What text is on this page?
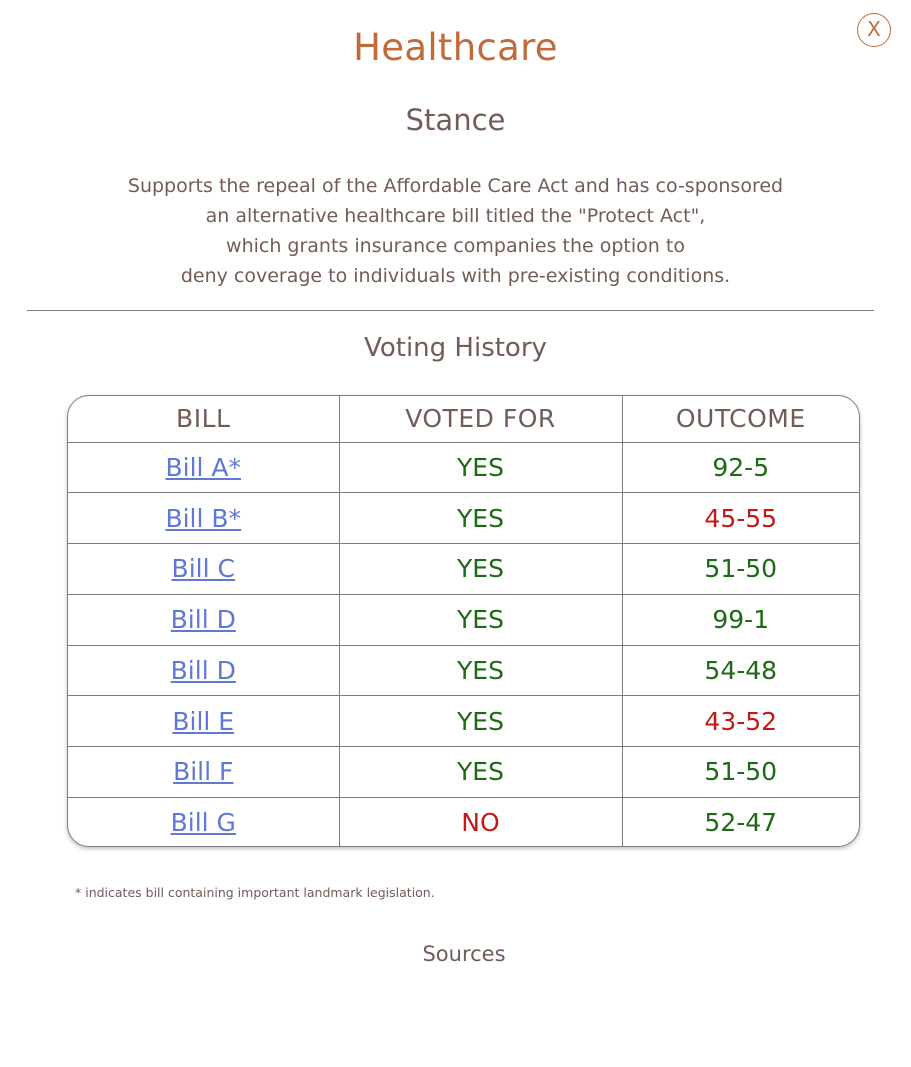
X
Healthcare
Stance
Supports the repeal of the Affordable Care Act and has co-sponsored
an alternative healthcare bill titled the "Protect Act",
which grants insurance companies the option to
deny coverage to individuals with pre-existing conditions.
Voting History
BILL	VOTED FOR	OUTCOME
Bill A*	YES	92-5
Bill B*	YES	45-55
Bill C	YES	51-50
Bill D	YES	99-1
Bill D	YES	54-48
Bill E	YES	43-52
Bill F	YES	51-50
Bill G	NO	52-47
* indicates bill containing important landmark legislation.
Sources
